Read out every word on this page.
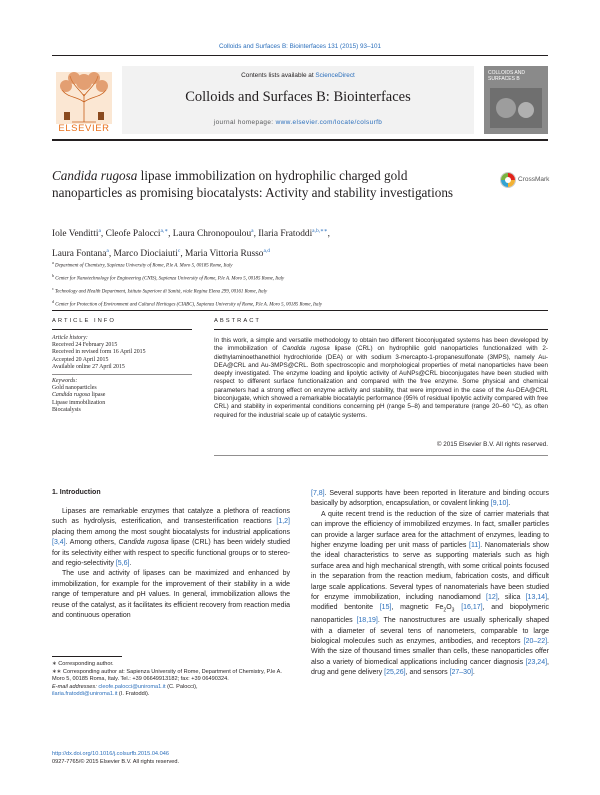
Colloids and Surfaces B: Biointerfaces 131 (2015) 93–101
ELSEVIER
Contents lists available at ScienceDirect
Colloids and Surfaces B: Biointerfaces
journal homepage: www.elsevier.com/locate/colsurfb
COLLOIDS AND SURFACES B
Candida rugosa lipase immobilization on hydrophilic charged gold nanoparticles as promising biocatalysts: Activity and stability investigations
CrossMark
Iole Venditti$^a$, Cleofe Palocci$^{a,∗}$, Laura Chronopoulou$^a$, Ilaria Fratoddi$^{a,b,∗∗}$,
Laura Fontana$^a$, Marco Diociaiuti$^c$, Maria Vittoria Russo$^{a,d}$
$^a$ Department of Chemistry, Sapienza University of Rome, P.le A. Moro 5, 00185 Rome, Italy
$^b$ Center for Nanotechnology for Engineering (CNIS), Sapienza University of Rome, P.le A. Moro 5, 00185 Rome, Italy
$^c$ Technology and Health Department, Istituto Superiore di Sanità, viale Regina Elena 299, 00161 Rome, Italy
$^d$ Center for Protection of Environment and Cultural Heritages (CIABC), Sapienza University of Rome, P.le A. Moro 5, 00185 Rome, Italy
ARTICLE INFO
Article history:
Received 24 February 2015
Received in revised form 16 April 2015
Accepted 20 April 2015
Available online 27 April 2015
Keywords:
Gold nanoparticles
Candida rugosa lipase
Lipase immobilization
Biocatalysis
ABSTRACT

In this work, a simple and versatile methodology to obtain two different bioconjugated systems has been developed by the immobilization of Candida rugosa lipase (CRL) on hydrophilic gold nanoparticles functionalized with 2-diethylaminoethanethiol hydrochloride (DEA) or with sodium 3-mercapto-1-propanesulfonate (3MPS), namely Au-DEA@CRL and Au-3MPS@CRL. Both spectroscopic and morphological properties of metal nanoparticles have been deeply investigated. The enzyme loading and lipolytic activity of AuNPs@CRL bioconjugates have been studied with respect to different surface functionalization and compared with the free enzyme. Some physical and chemical parameters had a strong effect on enzyme activity and stability, that were improved in the case of the Au-DEA@CRL bioconjugate, which showed a remarkable biocatalytic performance (95% of residual lipolytic activity compared with free CRL) and stability in experimental conditions concerning pH (range 5–8) and temperature (range 20–60 °C), as often required for the industrial scale up of catalytic systems.

© 2015 Elsevier B.V. All rights reserved.
1. Introduction

Lipases are remarkable enzymes that catalyze a plethora of reactions such as hydrolysis, esterification, and transesterification reactions [1,2] placing them among the most sought biocatalysts for industrial applications [3,4]. Among others, Candida rugosa lipase (CRL) has been widely studied for its selectivity either with respect to specific functional groups or to stereo- and regio-selectivity [5,6].

The use and activity of lipases can be maximized and enhanced by immobilization, for example for the improvement of their stability in a wide range of temperature and pH values. In general, immobilization allows the reuse of the catalyst, as it facilitates its efficient recovery from reaction media and continuous operation

∗ Corresponding author.
∗∗ Corresponding author at: Sapienza University of Rome, Department of Chemistry, P.le A. Moro 5, 00185 Roma, Italy. Tel.: +39 06649913182; fax: +39 06490324.
E-mail addresses: cleofe.palocci@uniroma1.it (C. Palocci),
ilaria.fratoddi@uniroma1.it (I. Fratoddi).
http://dx.doi.org/10.1016/j.colsurfb.2015.04.046
0927-7765/© 2015 Elsevier B.V. All rights reserved.
[7,8]. Several supports have been reported in literature and binding occurs basically by adsorption, encapsulation, or covalent linking [9,10].

A quite recent trend is the reduction of the size of carrier materials that can improve the efficiency of immobilized enzymes. In fact, smaller particles can provide a larger surface area for the attachment of enzymes, leading to higher enzyme loading per unit mass of particles [11]. Nanomaterials show the ideal characteristics to serve as supporting materials such as high surface area and high mechanical strength, with some critical points focused in the separation from the reaction medium, fabrication costs, and difficult large scale applications. Several types of nanomaterials have been studied for enzyme immobilization, including nanodiamond [12], silica [13,14], modified bentonite [15], magnetic $Fe_2O_3$ [16,17], and biopolymeric nanoparticles [18,19]. The nanostructures are usually spherically shaped with a diameter of several tens of nanometers, comparable to large biological molecules such as enzymes, antibodies, and receptors [20–22]. With the size of thousand times smaller than cells, these nanoparticles offer also a variety of biomedical applications including cancer diagnosis [23,24], drug and gene delivery [25,26], and sensors [27–30].
